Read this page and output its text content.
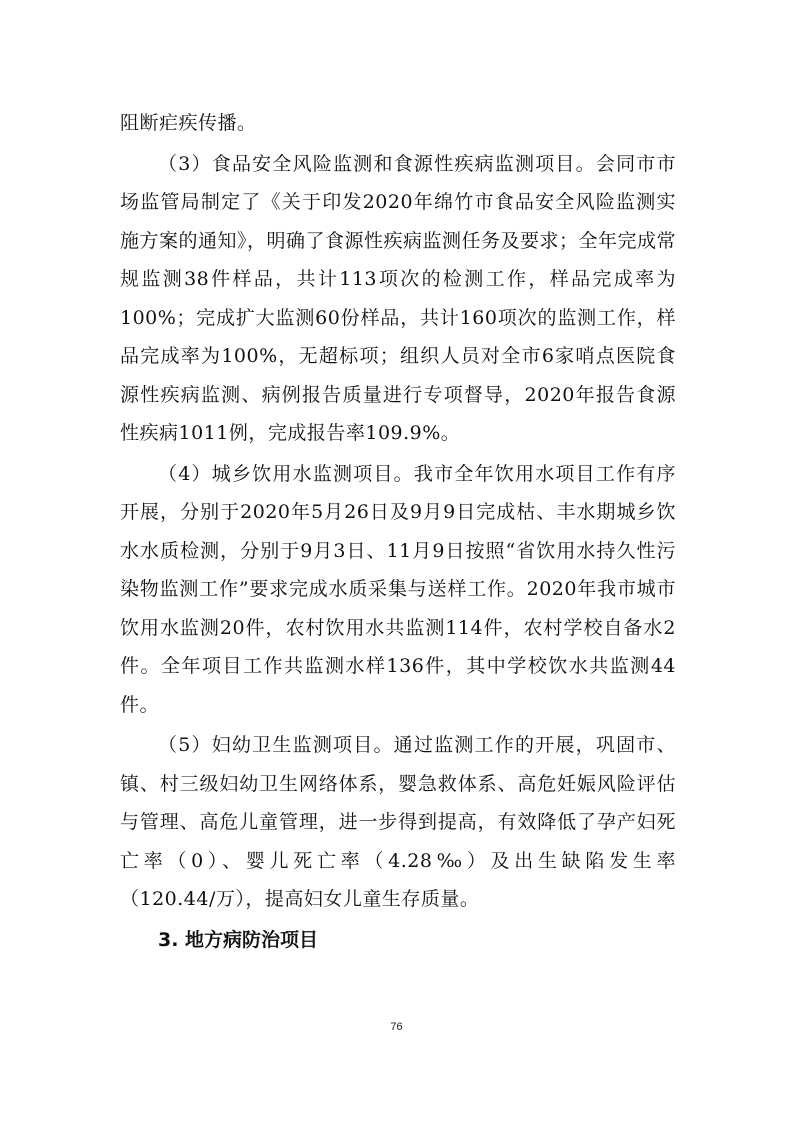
阻断疟疾传播。

（3）食品安全风险监测和食源性疾病监测项目。会同市市场监管局制定了《关于印发2020年绵竹市食品安全风险监测实施方案的通知》，明确了食源性疾病监测任务及要求；全年完成常规监测38件样品，共计113项次的检测工作，样品完成率为100%；完成扩大监测60份样品，共计160项次的监测工作，样品完成率为100%，无超标项；组织人员对全市6家哨点医院食源性疾病监测、病例报告质量进行专项督导，2020年报告食源性疾病1011例，完成报告率109.9%。

（4）城乡饮用水监测项目。我市全年饮用水项目工作有序开展，分别于2020年5月26日及9月9日完成枯、丰水期城乡饮水水质检测，分别于9月3日、11月9日按照“省饮用水持久性污染物监测工作”要求完成水质采集与送样工作。2020年我市城市饮用水监测20件，农村饮用水共监测114件，农村学校自备水2件。全年项目工作共监测水样136件，其中学校饮水共监测44件。

（5）妇幼卫生监测项目。通过监测工作的开展，巩固市、镇、村三级妇幼卫生网络体系，婴急救体系、高危妊娠风险评估与管理、高危儿童管理，进一步得到提高，有效降低了孕产妇死亡率（0）、婴儿死亡率（4.28‰）及出生缺陷发生率（120.44/万），提高妇女儿童生存质量。

3. 地方病防治项目

76
